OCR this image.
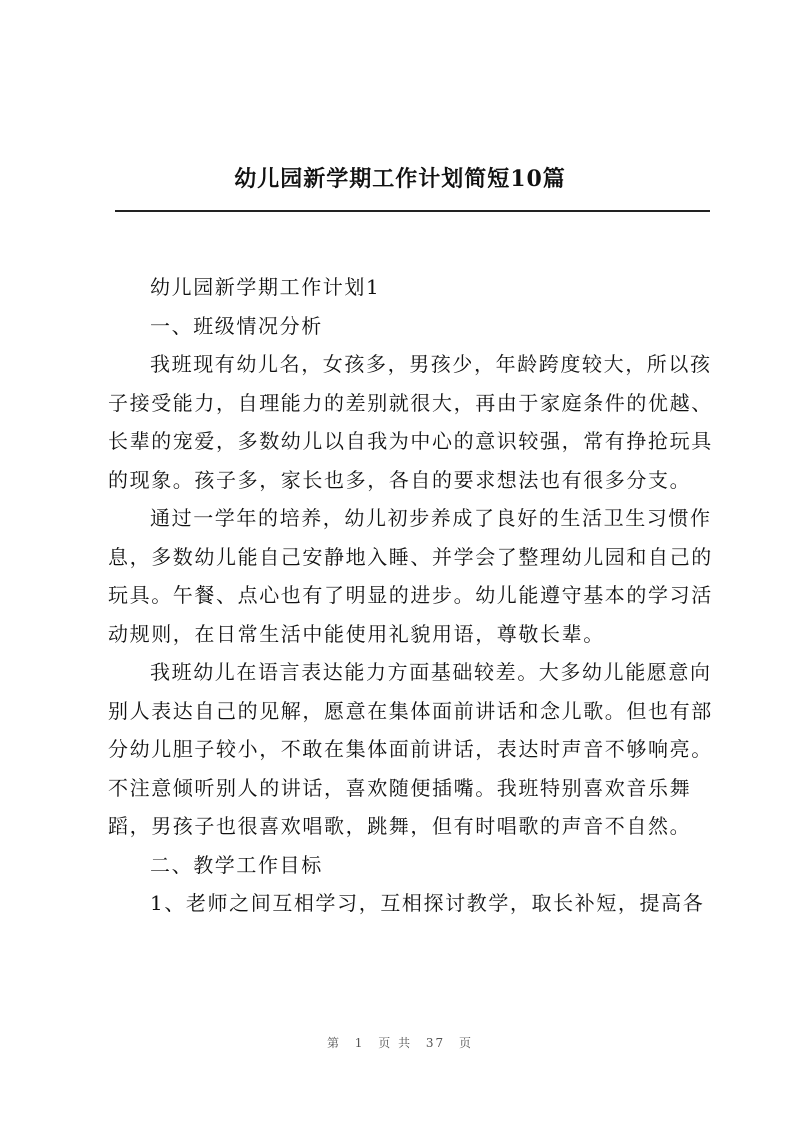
幼儿园新学期工作计划简短10篇

幼儿园新学期工作计划1

一、班级情况分析

我班现有幼儿名，女孩多，男孩少，年龄跨度较大，所以孩

子接受能力，自理能力的差别就很大，再由于家庭条件的优越、

长辈的宠爱，多数幼儿以自我为中心的意识较强，常有挣抢玩具

的现象。孩子多，家长也多，各自的要求想法也有很多分支。

通过一学年的培养，幼儿初步养成了良好的生活卫生习惯作

息，多数幼儿能自己安静地入睡、并学会了整理幼儿园和自己的

玩具。午餐、点心也有了明显的进步。幼儿能遵守基本的学习活

动规则，在日常生活中能使用礼貌用语，尊敬长辈。

我班幼儿在语言表达能力方面基础较差。大多幼儿能愿意向

别人表达自己的见解，愿意在集体面前讲话和念儿歌。但也有部

分幼儿胆子较小，不敢在集体面前讲话，表达时声音不够响亮。

不注意倾听别人的讲话，喜欢随便插嘴。我班特别喜欢音乐舞

蹈，男孩子也很喜欢唱歌，跳舞，但有时唱歌的声音不自然。

二、教学工作目标

1、老师之间互相学习，互相探讨教学，取长补短，提高各

第 1 页 共 37 页
